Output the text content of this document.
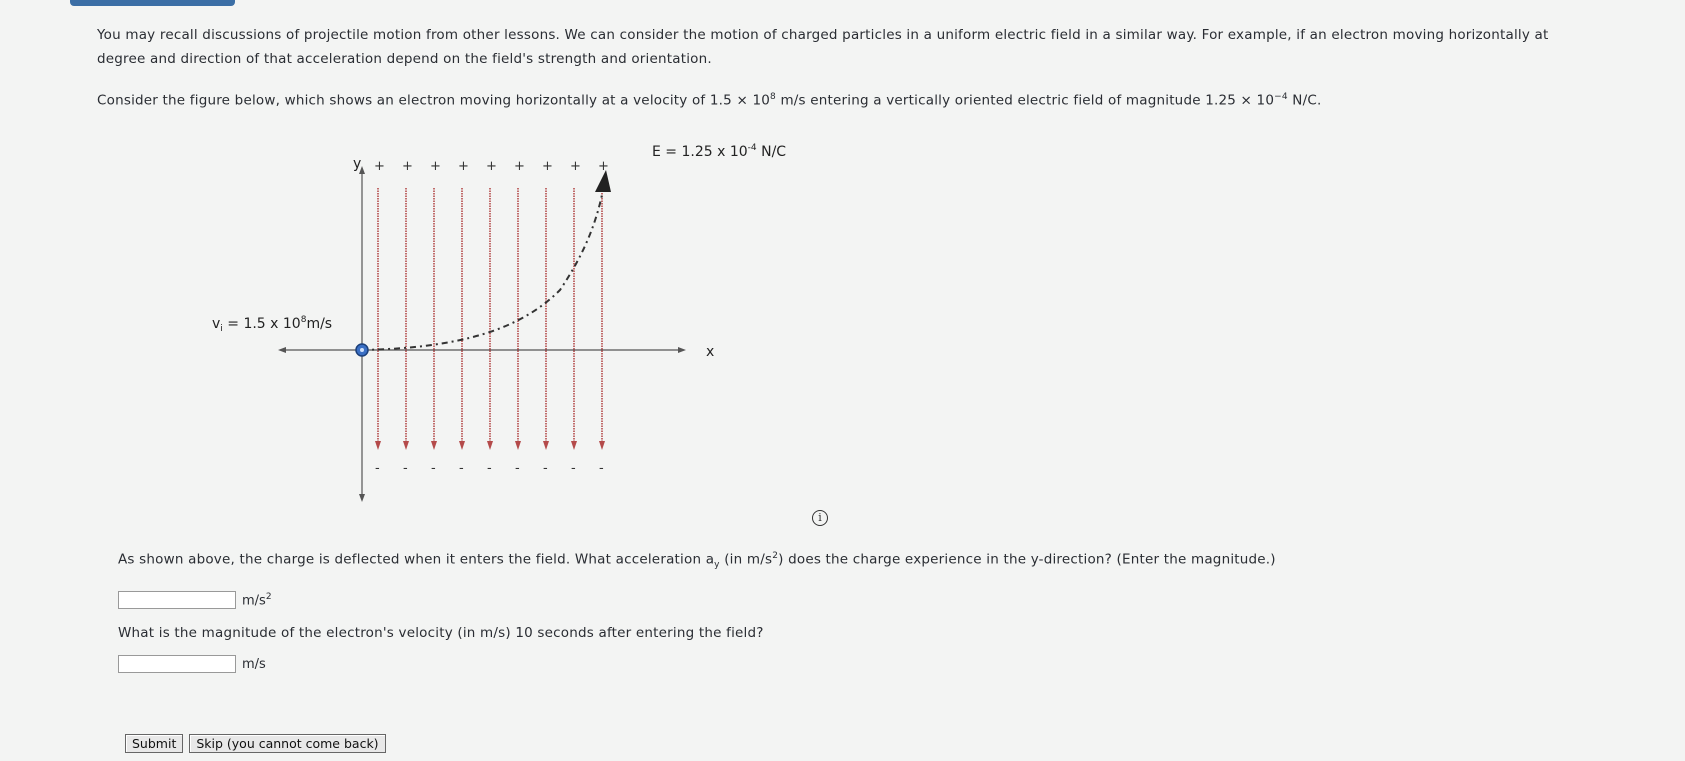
You may recall discussions of projectile motion from other lessons. We can consider the motion of charged particles in a uniform electric field in a similar way. For example, if an electron moving horizontally at
degree and direction of that acceleration depend on the field's strength and orientation.
Consider the figure below, which shows an electron moving horizontally at a velocity of $1.5 \times 10^8$ m/s entering a vertically oriented electric field of magnitude $1.25 \times 10^{-4}$ N/C.
E = 1.25 x $10^{-4}$ N/C
y
x
$v_i = 1.5$ x $10^8m/s$
+ + + + + + + + +
- - - - - - - - -
i
As shown above, the charge is deflected when it enters the field. What acceleration $a_y$ (in $m/s^2$) does the charge experience in the y-direction? (Enter the magnitude.)
$m/s^2$
What is the magnitude of the electron's velocity (in m/s) 10 seconds after entering the field?
m/s
Submit	Skip (you cannot come back)
